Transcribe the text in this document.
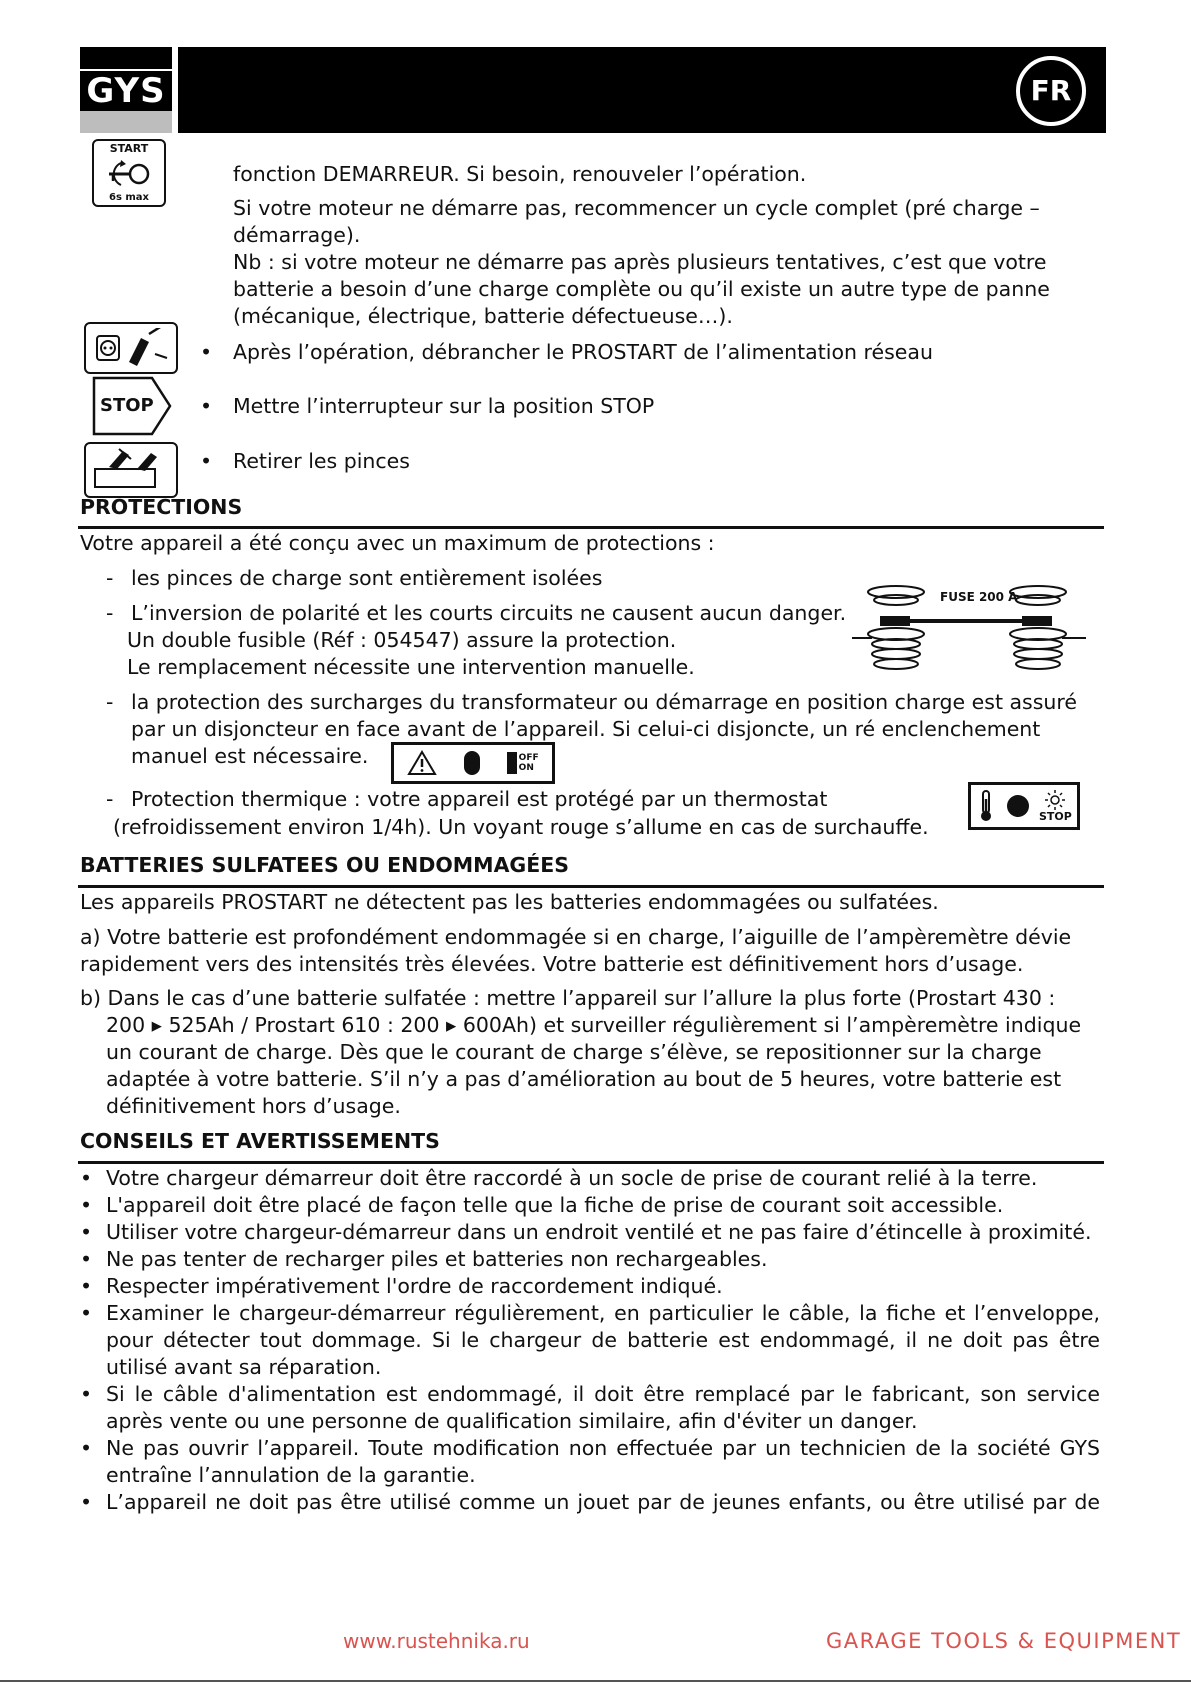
GYS	FR
START
6s max

fonction DEMARREUR. Si besoin, renouveler l’opération.

Si votre moteur ne démarre pas, recommencer un cycle complet (pré charge – démarrage).

Nb : si votre moteur ne démarre pas après plusieurs tentatives, c’est que votre batterie a besoin d’une charge complète ou qu’il existe un autre type de panne (mécanique, électrique, batterie défectueuse…).

• Après l’opération, débrancher le PROSTART de l’alimentation réseau

STOP • Mettre l’interrupteur sur la position STOP

• Retirer les pinces

PROTECTIONS

Votre appareil a été conçu avec un maximum de protections :

- les pinces de charge sont entièrement isolées

- L’inversion de polarité et les courts circuits ne causent aucun danger.

Un double fusible (Réf : 054547) assure la protection.

Le remplacement nécessite une intervention manuelle.

FUSE 200 A
- la protection des surcharges du transformateur ou démarrage en position charge est assuré par un disjoncteur en face avant de l’appareil. Si celui-ci disjoncte, un ré enclenchement manuel est nécessaire.	OFF
ON
- Protection thermique : votre appareil est protégé par un thermostat

(refroidissement environ 1/4h). Un voyant rouge s’allume en cas de surchauffe.	STOP
BATTERIES SULFATEES OU ENDOMMAGÉES

Les appareils PROSTART ne détectent pas les batteries endommagées ou sulfatées.

a) Votre batterie est profondément endommagée si en charge, l’aiguille de l’ampèremètre dévie rapidement vers des intensités très élevées. Votre batterie est définitivement hors d’usage.

b) Dans le cas d’une batterie sulfatée : mettre l’appareil sur l’allure la plus forte (Prostart 430 :

200 ▸ 525Ah / Prostart 610 : 200 ▸ 600Ah) et surveiller régulièrement si l’ampèremètre indique un courant de charge. Dès que le courant de charge s’élève, se repositionner sur la charge adaptée à votre batterie. S’il n’y a pas d’amélioration au bout de 5 heures, votre batterie est définitivement hors d’usage.

CONSEILS ET AVERTISSEMENTS
• Votre chargeur démarreur doit être raccordé à un socle de prise de courant relié à la terre.
• L'appareil doit être placé de façon telle que la fiche de prise de courant soit accessible.
• Utiliser votre chargeur-démarreur dans un endroit ventilé et ne pas faire d’étincelle à proximité.
• Ne pas tenter de recharger piles et batteries non rechargeables.
• Respecter impérativement l'ordre de raccordement indiqué.
• Examiner le chargeur-démarreur régulièrement, en particulier le câble, la fiche et l’enveloppe, pour détecter tout dommage. Si le chargeur de batterie est endommagé, il ne doit pas être utilisé avant sa réparation.
• Si le câble d'alimentation est endommagé, il doit être remplacé par le fabricant, son service après vente ou une personne de qualification similaire, afin d'éviter un danger.
• Ne pas ouvrir l’appareil. Toute modification non effectuée par un technicien de la société GYS entraîne l’annulation de la garantie.
• L’appareil ne doit pas être utilisé comme un jouet par de jeunes enfants, ou être utilisé par de
www.rustehnika.ru	GARAGE TOOLS & EQUIPMENT
